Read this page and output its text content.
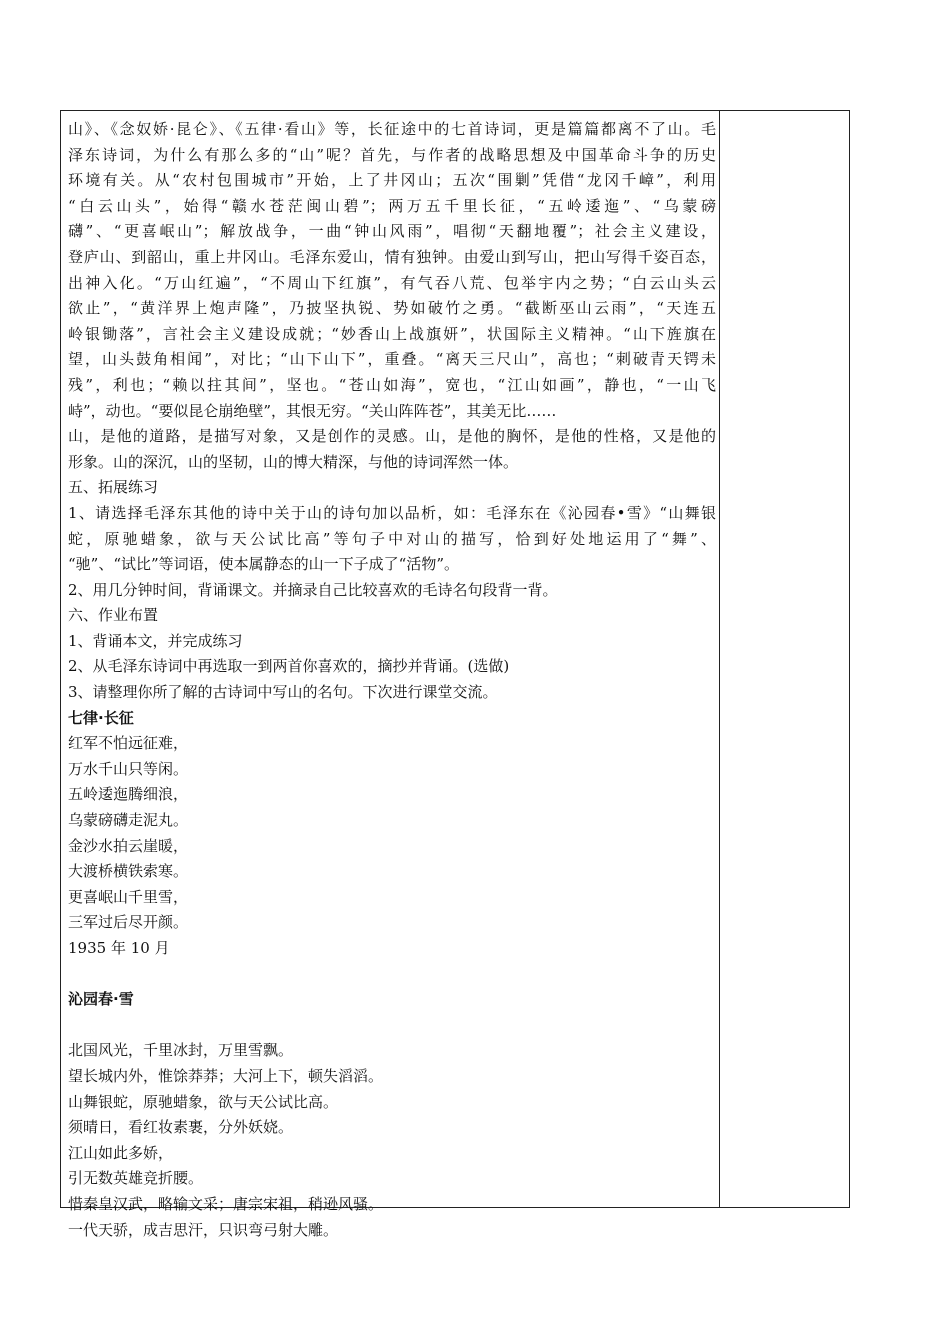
山》、《念奴娇·昆仑》、《五律·看山》等，长征途中的七首诗词，更是篇篇都离不了山。毛
泽东诗词，为什么有那么多的“山”呢？首先，与作者的战略思想及中国革命斗争的历史
环境有关。从“农村包围城市”开始，上了井冈山；五次“围剿”凭借“龙冈千嶂”，利用
“白云山头”，始得“赣水苍茫闽山碧”；两万五千里长征，“五岭逶迤”、“乌蒙磅
礴”、“更喜岷山”；解放战争，一曲“钟山风雨”，唱彻“天翻地覆”；社会主义建设，
登庐山、到韶山，重上井冈山。毛泽东爱山，情有独钟。由爱山到写山，把山写得千姿百态，
出神入化。“万山红遍”，“不周山下红旗”，有气吞八荒、包举宇内之势；“白云山头云
欲止”，“黄洋界上炮声隆”，乃披坚执锐、势如破竹之勇。“截断巫山云雨”，“天连五
岭银锄落”，言社会主义建设成就；“妙香山上战旗妍”，状国际主义精神。“山下旌旗在
望，山头鼓角相闻”，对比；“山下山下”，重叠。“离天三尺山”，高也；“刺破青天锷未
残”，利也；“赖以拄其间”，坚也。“苍山如海”，宽也，“江山如画”，静也，“一山飞
峙”，动也。“要似昆仑崩绝壁”，其恨无穷。“关山阵阵苍”，其美无比……
山，是他的道路，是描写对象，又是创作的灵感。山，是他的胸怀，是他的性格，又是他的
形象。山的深沉，山的坚韧，山的博大精深，与他的诗词浑然一体。
五、拓展练习
1、请选择毛泽东其他的诗中关于山的诗句加以品析，如：毛泽东在《沁园春•雪》“山舞银
蛇，原驰蜡象，欲与天公试比高”等句子中对山的描写，恰到好处地运用了“舞”、
“驰”、“试比”等词语，使本属静态的山一下子成了“活物”。
2、用几分钟时间，背诵课文。并摘录自己比较喜欢的毛诗名句段背一背。
六、作业布置
1、背诵本文，并完成练习
2、从毛泽东诗词中再选取一到两首你喜欢的，摘抄并背诵。(选做)
3、请整理你所了解的古诗词中写山的名句。下次进行课堂交流。
七律·长征
红军不怕远征难，
万水千山只等闲。
五岭逶迤腾细浪，
乌蒙磅礴走泥丸。
金沙水拍云崖暖，
大渡桥横铁索寒。
更喜岷山千里雪，
三军过后尽开颜。
1935 年 10 月
沁园春·雪
北国风光，千里冰封，万里雪飘。
望长城内外，惟馀莽莽；大河上下，顿失滔滔。
山舞银蛇，原驰蜡象，欲与天公试比高。
须晴日，看红妆素裹，分外妖娆。
江山如此多娇，
引无数英雄竞折腰。
惜秦皇汉武，略输文采；唐宗宋祖，稍逊风骚。
一代天骄，成吉思汗，只识弯弓射大雕。
